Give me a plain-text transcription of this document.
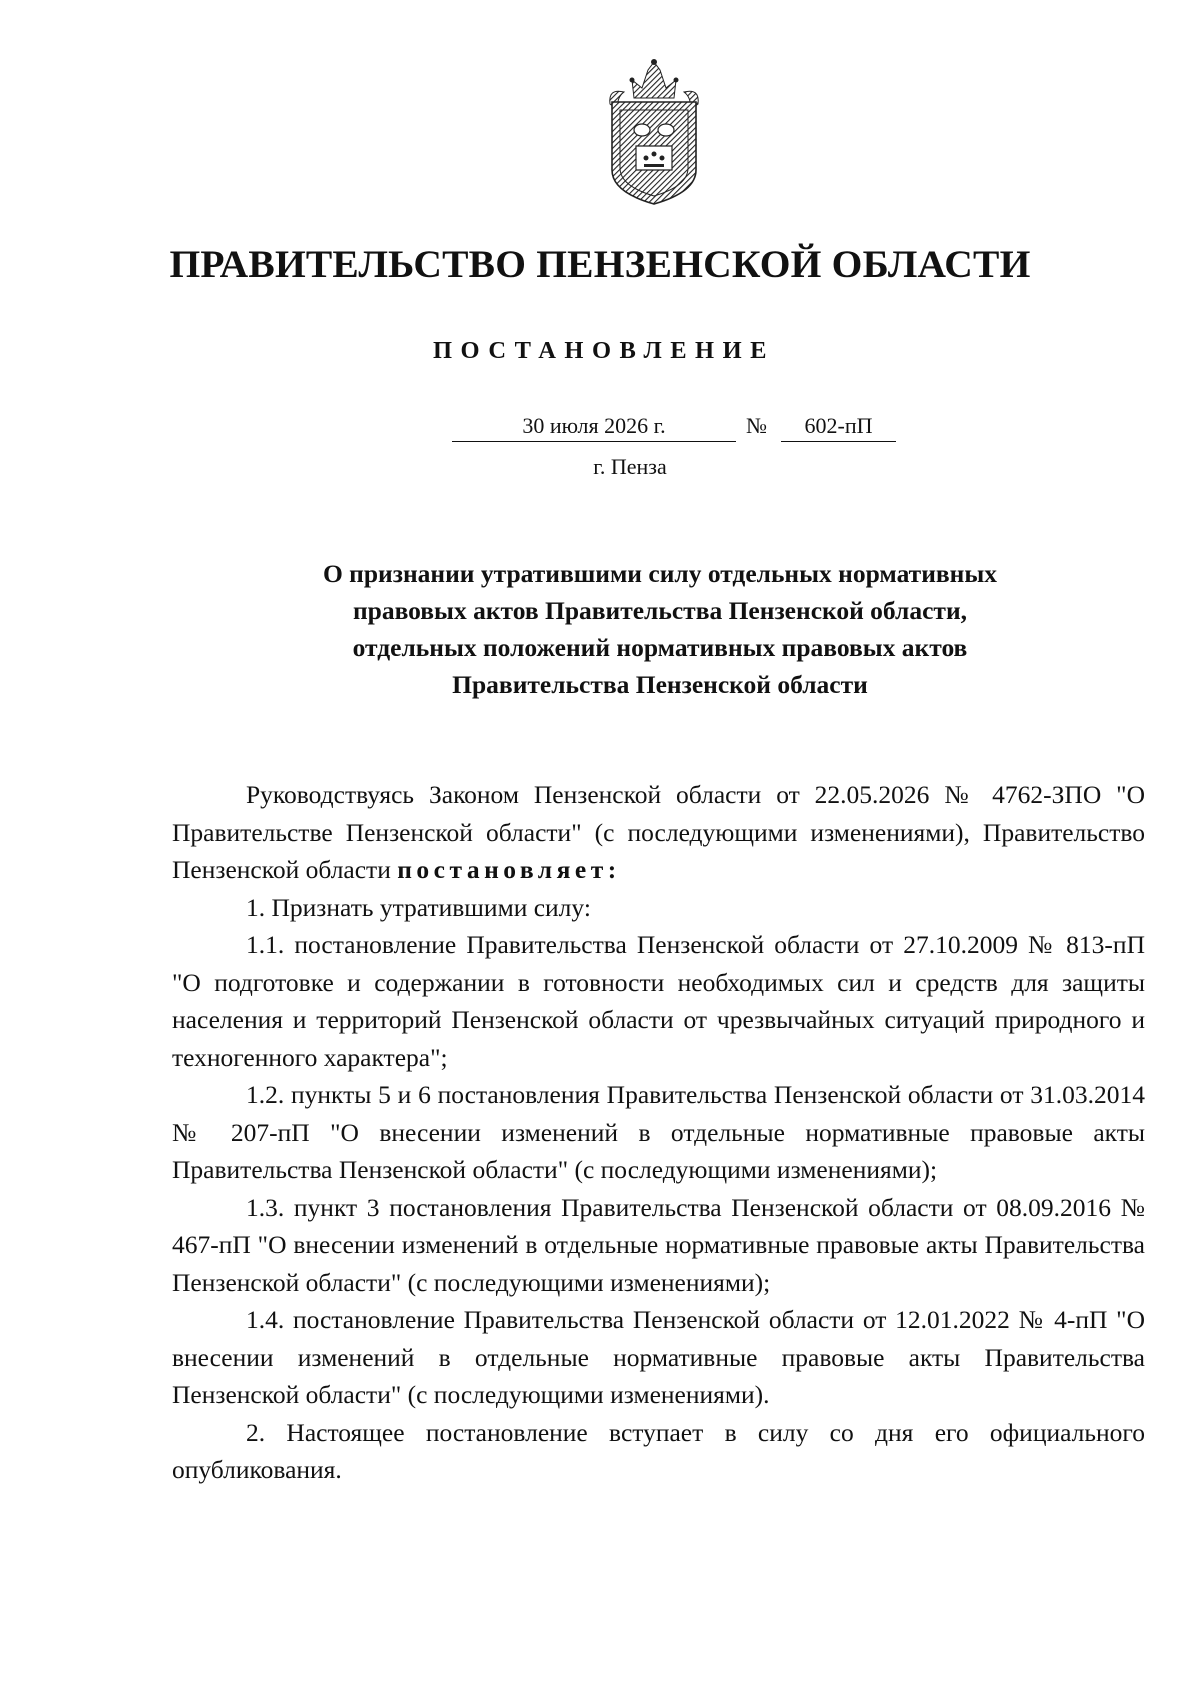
ПРАВИТЕЛЬСТВО ПЕНЗЕНСКОЙ ОБЛАСТИ
ПОСТАНОВЛЕНИЕ
30 июля 2026 г.	№	602-пП
г. Пенза
О признании утратившими силу отдельных нормативных
правовых актов Правительства Пензенской области,
отдельных положений нормативных правовых актов
Правительства Пензенской области

Руководствуясь Законом Пензенской области от 22.05.2026 № 4762-ЗПО "О Правительстве Пензенской области" (с последующими изменениями), Правительство Пензенской области постановляет:

1. Признать утратившими силу:

1.1. постановление Правительства Пензенской области от 27.10.2009 № 813-пП "О подготовке и содержании в готовности необходимых сил и средств для защиты населения и территорий Пензенской области от чрезвычайных ситуаций природного и техногенного характера";

1.2. пункты 5 и 6 постановления Правительства Пензенской области от 31.03.2014 № 207-пП "О внесении изменений в отдельные нормативные правовые акты Правительства Пензенской области" (с последующими изменениями);

1.3. пункт 3 постановления Правительства Пензенской области от 08.09.2016 № 467-пП "О внесении изменений в отдельные нормативные правовые акты Правительства Пензенской области" (с последующими изменениями);

1.4. постановление Правительства Пензенской области от 12.01.2022 № 4-пП "О внесении изменений в отдельные нормативные правовые акты Правительства Пензенской области" (с последующими изменениями).

2. Настоящее постановление вступает в силу со дня его официального опубликования.
